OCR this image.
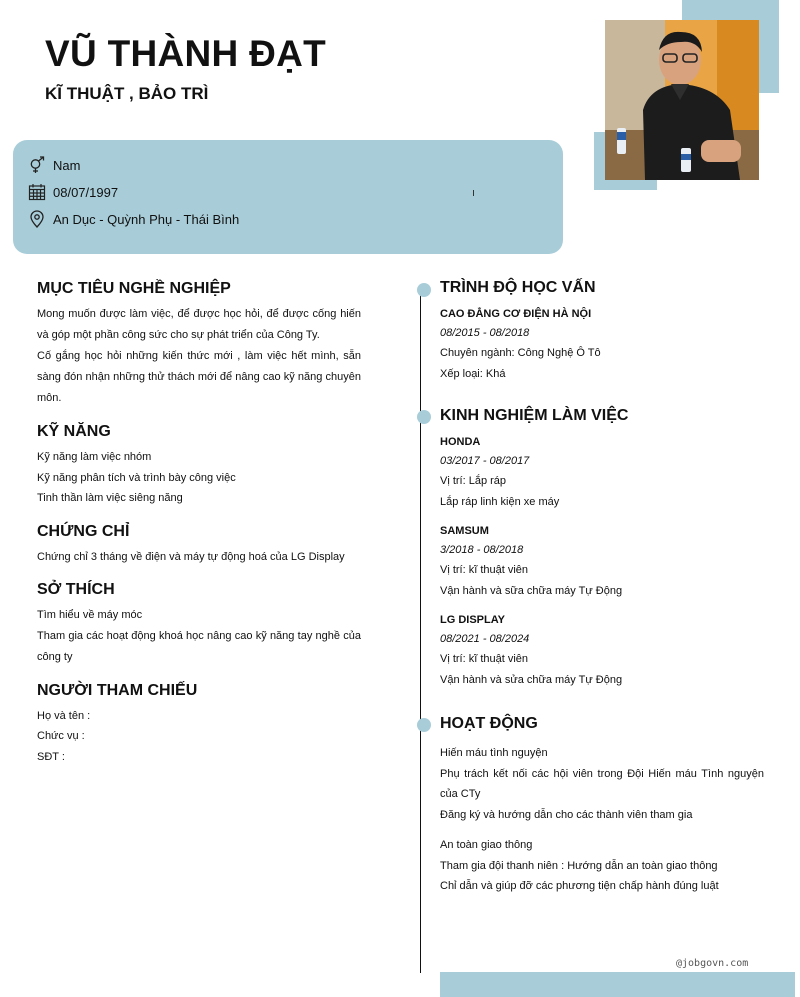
VŨ THÀNH ĐẠT
KĨ THUẬT , BẢO TRÌ
Nam
08/07/1997
An Dục - Quỳnh Phụ - Thái Bình
MỤC TIÊU NGHỀ NGHIỆP
Mong muốn được làm việc, để được học hỏi, để được cống hiến và góp một phần công sức cho sự phát triển của Công Ty.
Cố gắng học hỏi những kiến thức mới , làm việc hết mình, sẵn sàng đón nhận những thử thách mới để nâng cao kỹ năng chuyên môn.
KỸ NĂNG
Kỹ năng làm việc nhóm
Kỹ năng phân tích và trình bày công việc
Tinh thần làm việc siêng năng
CHỨNG CHỈ
Chứng chỉ 3 tháng về điện và máy tự động hoá của LG Display
SỞ THÍCH
Tìm hiểu về máy móc
Tham gia các hoạt động khoá học nâng cao kỹ năng tay nghề của công ty
NGƯỜI THAM CHIẾU
Họ và tên :
Chức vụ :
SĐT :
TRÌNH ĐỘ HỌC VẤN
CAO ĐẲNG CƠ ĐIỆN HÀ NỘI
08/2015 - 08/2018
Chuyên ngành: Công Nghệ Ô Tô
Xếp loại: Khá
KINH NGHIỆM LÀM VIỆC
HONDA
03/2017 - 08/2017
Vị trí: Lắp ráp
Lắp ráp linh kiện xe máy
SAMSUM
3/2018 - 08/2018
Vị trí: kĩ thuật viên
Vận hành và sữa chữa máy Tự Động
LG DISPLAY
08/2021 - 08/2024
Vị trí: kĩ thuật viên
Vận hành và sửa chữa máy Tự Động
HOẠT ĐỘNG
Hiến máu tình nguyện
Phụ trách kết nối các hội viên trong Đội Hiến máu Tình nguyện của CTy
Đăng ký và hướng dẫn cho các thành viên tham gia
An toàn giao thông
Tham gia đội thanh niên : Hướng dẫn an toàn giao thông
Chỉ dẫn và giúp đỡ các phương tiện chấp hành đúng luật
@jobgovn.com
